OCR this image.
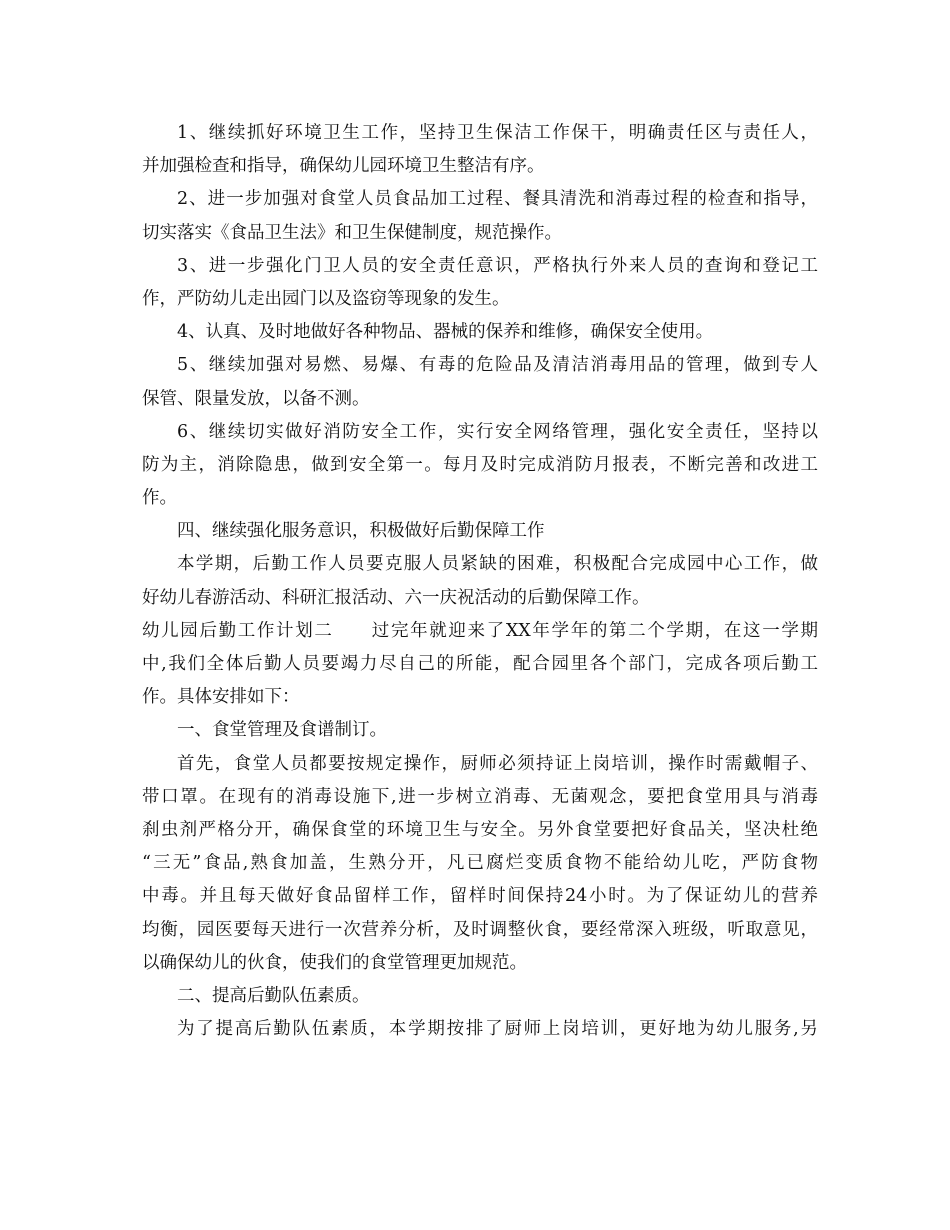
1、继续抓好环境卫生工作，坚持卫生保洁工作保干，明确责任区与责任人，
并加强检查和指导，确保幼儿园环境卫生整洁有序。
2、进一步加强对食堂人员食品加工过程、餐具清洗和消毒过程的检查和指导，
切实落实《食品卫生法》和卫生保健制度，规范操作。
3、进一步强化门卫人员的安全责任意识，严格执行外来人员的查询和登记工
作，严防幼儿走出园门以及盗窃等现象的发生。
4、认真、及时地做好各种物品、器械的保养和维修，确保安全使用。
5、继续加强对易燃、易爆、有毒的危险品及清洁消毒用品的管理，做到专人
保管、限量发放，以备不测。
6、继续切实做好消防安全工作，实行安全网络管理，强化安全责任，坚持以
防为主，消除隐患，做到安全第一。每月及时完成消防月报表，不断完善和改进工
作。
四、继续强化服务意识，积极做好后勤保障工作
本学期，后勤工作人员要克服人员紧缺的困难，积极配合完成园中心工作，做
好幼儿春游活动、科研汇报活动、六一庆祝活动的后勤保障工作。
幼儿园后勤工作计划二　　过完年就迎来了XX年学年的第二个学期，在这一学期
中,我们全体后勤人员要竭力尽自己的所能，配合园里各个部门，完成各项后勤工
作。具体安排如下：
一、食堂管理及食谱制订。
首先，食堂人员都要按规定操作，厨师必须持证上岗培训，操作时需戴帽子、
带口罩。在现有的消毒设施下,进一步树立消毒、无菌观念，要把食堂用具与消毒
刹虫剂严格分开，确保食堂的环境卫生与安全。另外食堂要把好食品关，坚决杜绝
“三无”食品,熟食加盖，生熟分开，凡已腐烂变质食物不能给幼儿吃，严防食物
中毒。并且每天做好食品留样工作，留样时间保持24小时。为了保证幼儿的营养
均衡，园医要每天进行一次营养分析，及时调整伙食，要经常深入班级，听取意见，
以确保幼儿的伙食，使我们的食堂管理更加规范。
二、提高后勤队伍素质。
为了提高后勤队伍素质，本学期按排了厨师上岗培训，更好地为幼儿服务,另
